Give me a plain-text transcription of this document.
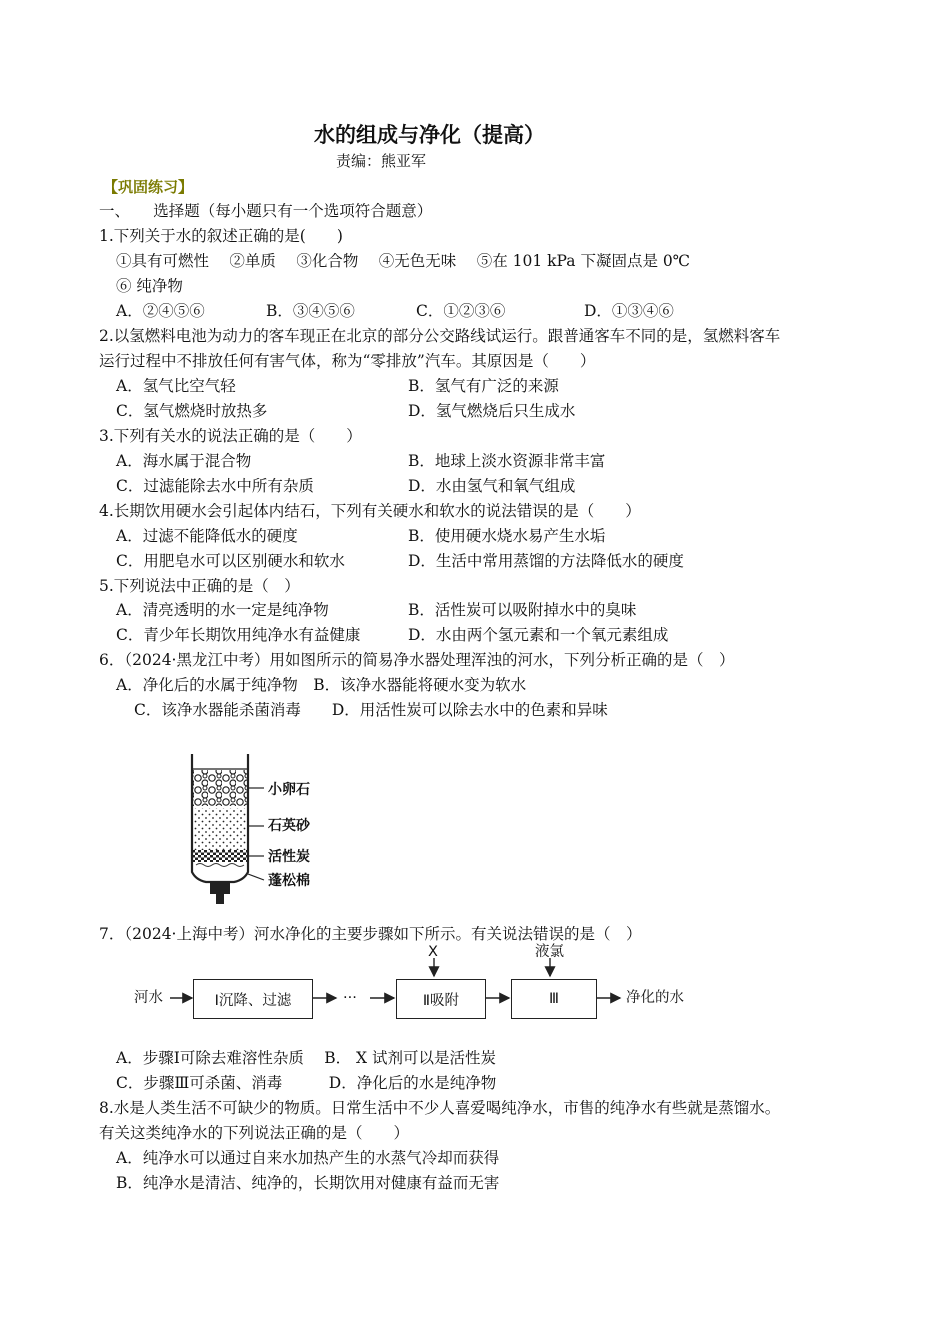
水的组成与净化（提高）
责编：熊亚军
【巩固练习】
一、　　选择题（每小题只有一个选项符合题意）
1.下列关于水的叙述正确的是(　　)
①具有可燃性　 ②单质　 ③化合物　 ④无色无味　 ⑤在 101 kPa 下凝固点是 0℃
⑥ 纯净物
A．②④⑤⑥	B．③④⑤⑥	C．①②③⑥	D．①③④⑥
2.以氢燃料电池为动力的客车现正在北京的部分公交路线试运行。跟普通客车不同的是，氢燃料客车
运行过程中不排放任何有害气体，称为“零排放”汽车。其原因是（　　）
A．氢气比空气轻	B．氢气有广泛的来源
C．氢气燃烧时放热多	D．氢气燃烧后只生成水
3.下列有关水的说法正确的是（　　）
A．海水属于混合物	B．地球上淡水资源非常丰富
C．过滤能除去水中所有杂质	D．水由氢气和氧气组成
4.长期饮用硬水会引起体内结石，下列有关硬水和软水的说法错误的是（　　）
A．过滤不能降低水的硬度	B．使用硬水烧水易产生水垢
C．用肥皂水可以区别硬水和软水	D．生活中常用蒸馏的方法降低水的硬度
5.下列说法中正确的是（　）
A．清亮透明的水一定是纯净物	B．活性炭可以吸附掉水中的臭味
C．青少年长期饮用纯净水有益健康	D．水由两个氢元素和一个氧元素组成
6．（2024·黑龙江中考）用如图所示的简易净水器处理浑浊的河水，下列分析正确的是（　）
A．净化后的水属于纯净物　B．该净水器能将硬水变为软水
C．该净水器能杀菌消毒　　D．用活性炭可以除去水中的色素和异味
小卵石
石英砂
活性炭
蓬松棉
7．（2024·上海中考）河水净化的主要步骤如下所示。有关说法错误的是（　）
河水	Ⅰ沉降、过滤	···	Ⅱ吸附	Ⅲ	净化的水
X	液氯
A．步骤Ⅰ可除去难溶性杂质　 B． X 试剂可以是活性炭
C．步骤Ⅲ可杀菌、消毒　　　D．净化后的水是纯净物
8.水是人类生活不可缺少的物质。日常生活中不少人喜爱喝纯净水，市售的纯净水有些就是蒸馏水。
有关这类纯净水的下列说法正确的是（　　）
A．纯净水可以通过自来水加热产生的水蒸气冷却而获得
B．纯净水是清洁、纯净的，长期饮用对健康有益而无害
